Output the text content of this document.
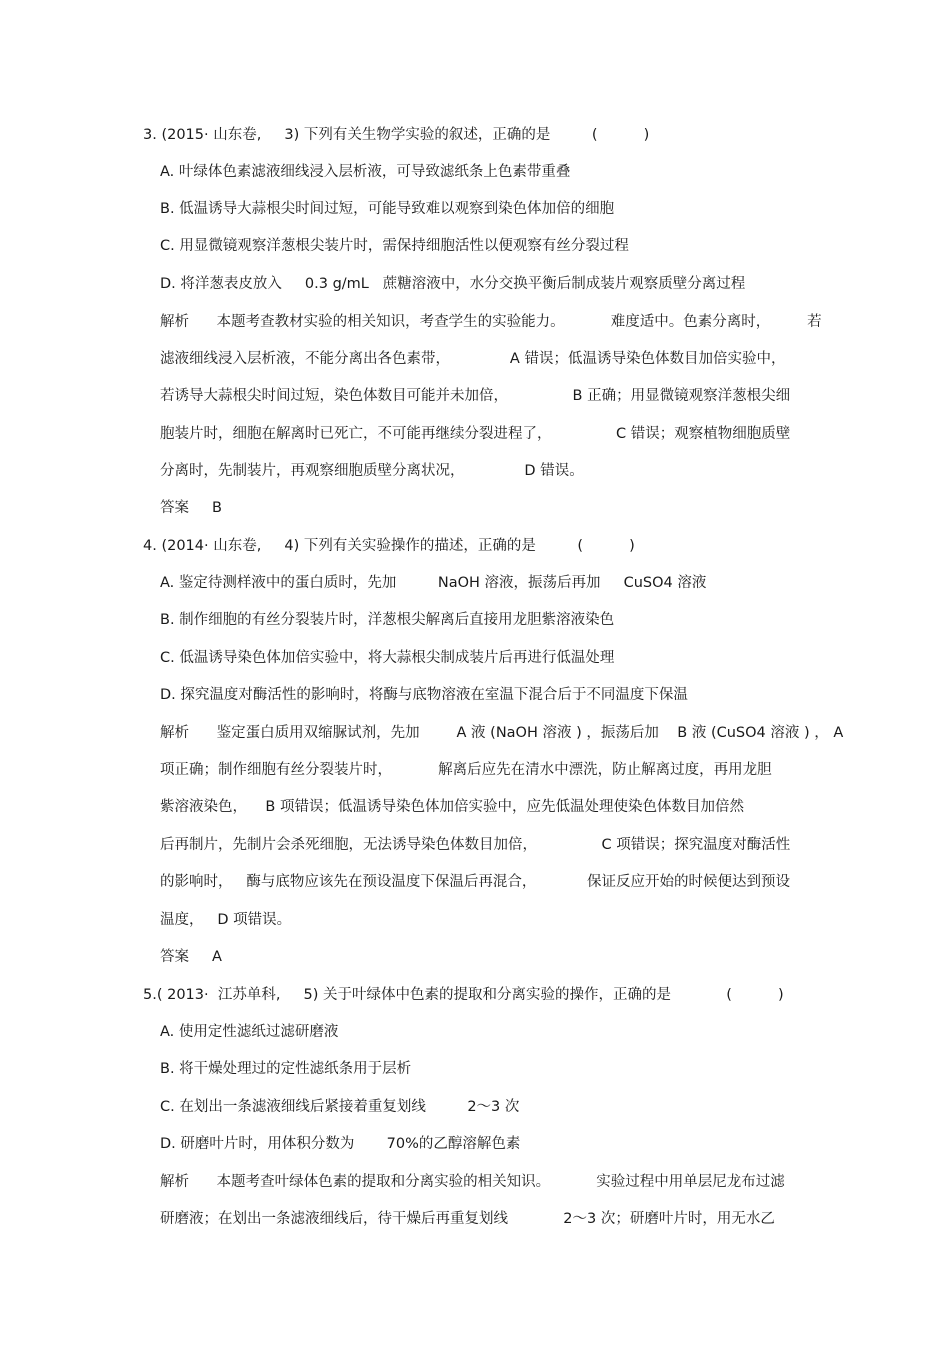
3. (2015· 山东卷,     3) 下列有关生物学实验的叙述，正确的是         (          )

A. 叶绿体色素滤液细线浸入层析液，可导致滤纸条上色素带重叠

B. 低温诱导大蒜根尖时间过短，可能导致难以观察到染色体加倍的细胞

C. 用显微镜观察洋葱根尖装片时，需保持细胞活性以便观察有丝分裂过程

D. 将洋葱表皮放入     0.3 g/mL   蔗糖溶液中，水分交换平衡后制成装片观察质壁分离过程

解析      本题考查教材实验的相关知识，考查学生的实验能力。          难度适中。色素分离时，        若

滤液细线浸入层析液，不能分离出各色素带，             A 错误；低温诱导染色体数目加倍实验中，

若诱导大蒜根尖时间过短，染色体数目可能并未加倍，              B 正确；用显微镜观察洋葱根尖细

胞装片时，细胞在解离时已死亡，不可能再继续分裂进程了，              C 错误；观察植物细胞质壁

分离时，先制装片，再观察细胞质壁分离状况，             D 错误。

答案     B

4. (2014· 山东卷,     4) 下列有关实验操作的描述，正确的是         (          )

A. 鉴定待测样液中的蛋白质时，先加         NaOH 溶液，振荡后再加     CuSO4 溶液

B. 制作细胞的有丝分裂装片时，洋葱根尖解离后直接用龙胆紫溶液染色

C. 低温诱导染色体加倍实验中，将大蒜根尖制成装片后再进行低温处理

D. 探究温度对酶活性的影响时，将酶与底物溶液在室温下混合后于不同温度下保温

解析      鉴定蛋白质用双缩脲试剂，先加        A 液 (NaOH 溶液 ) ，振荡后加    B 液 (CuSO4 溶液 ) ， A

项正确；制作细胞有丝分裂装片时，          解离后应先在清水中漂洗，防止解离过度，再用龙胆

紫溶液染色，    B 项错误；低温诱导染色体加倍实验中，应先低温处理使染色体数目加倍然

后再制片，先制片会杀死细胞，无法诱导染色体数目加倍，              C 项错误；探究温度对酶活性

的影响时，   酶与底物应该先在预设温度下保温后再混合，           保证反应开始的时候便达到预设

温度，   D 项错误。

答案     A

5.( 2013·  江苏单科,     5) 关于叶绿体中色素的提取和分离实验的操作，正确的是            (          )

A. 使用定性滤纸过滤研磨液

B. 将干燥处理过的定性滤纸条用于层析

C. 在划出一条滤液细线后紧接着重复划线         2～3 次

D. 研磨叶片时，用体积分数为       70%的乙醇溶解色素

解析      本题考查叶绿体色素的提取和分离实验的相关知识。          实验过程中用单层尼龙布过滤

研磨液；在划出一条滤液细线后，待干燥后再重复划线            2～3 次；研磨叶片时，用无水乙
